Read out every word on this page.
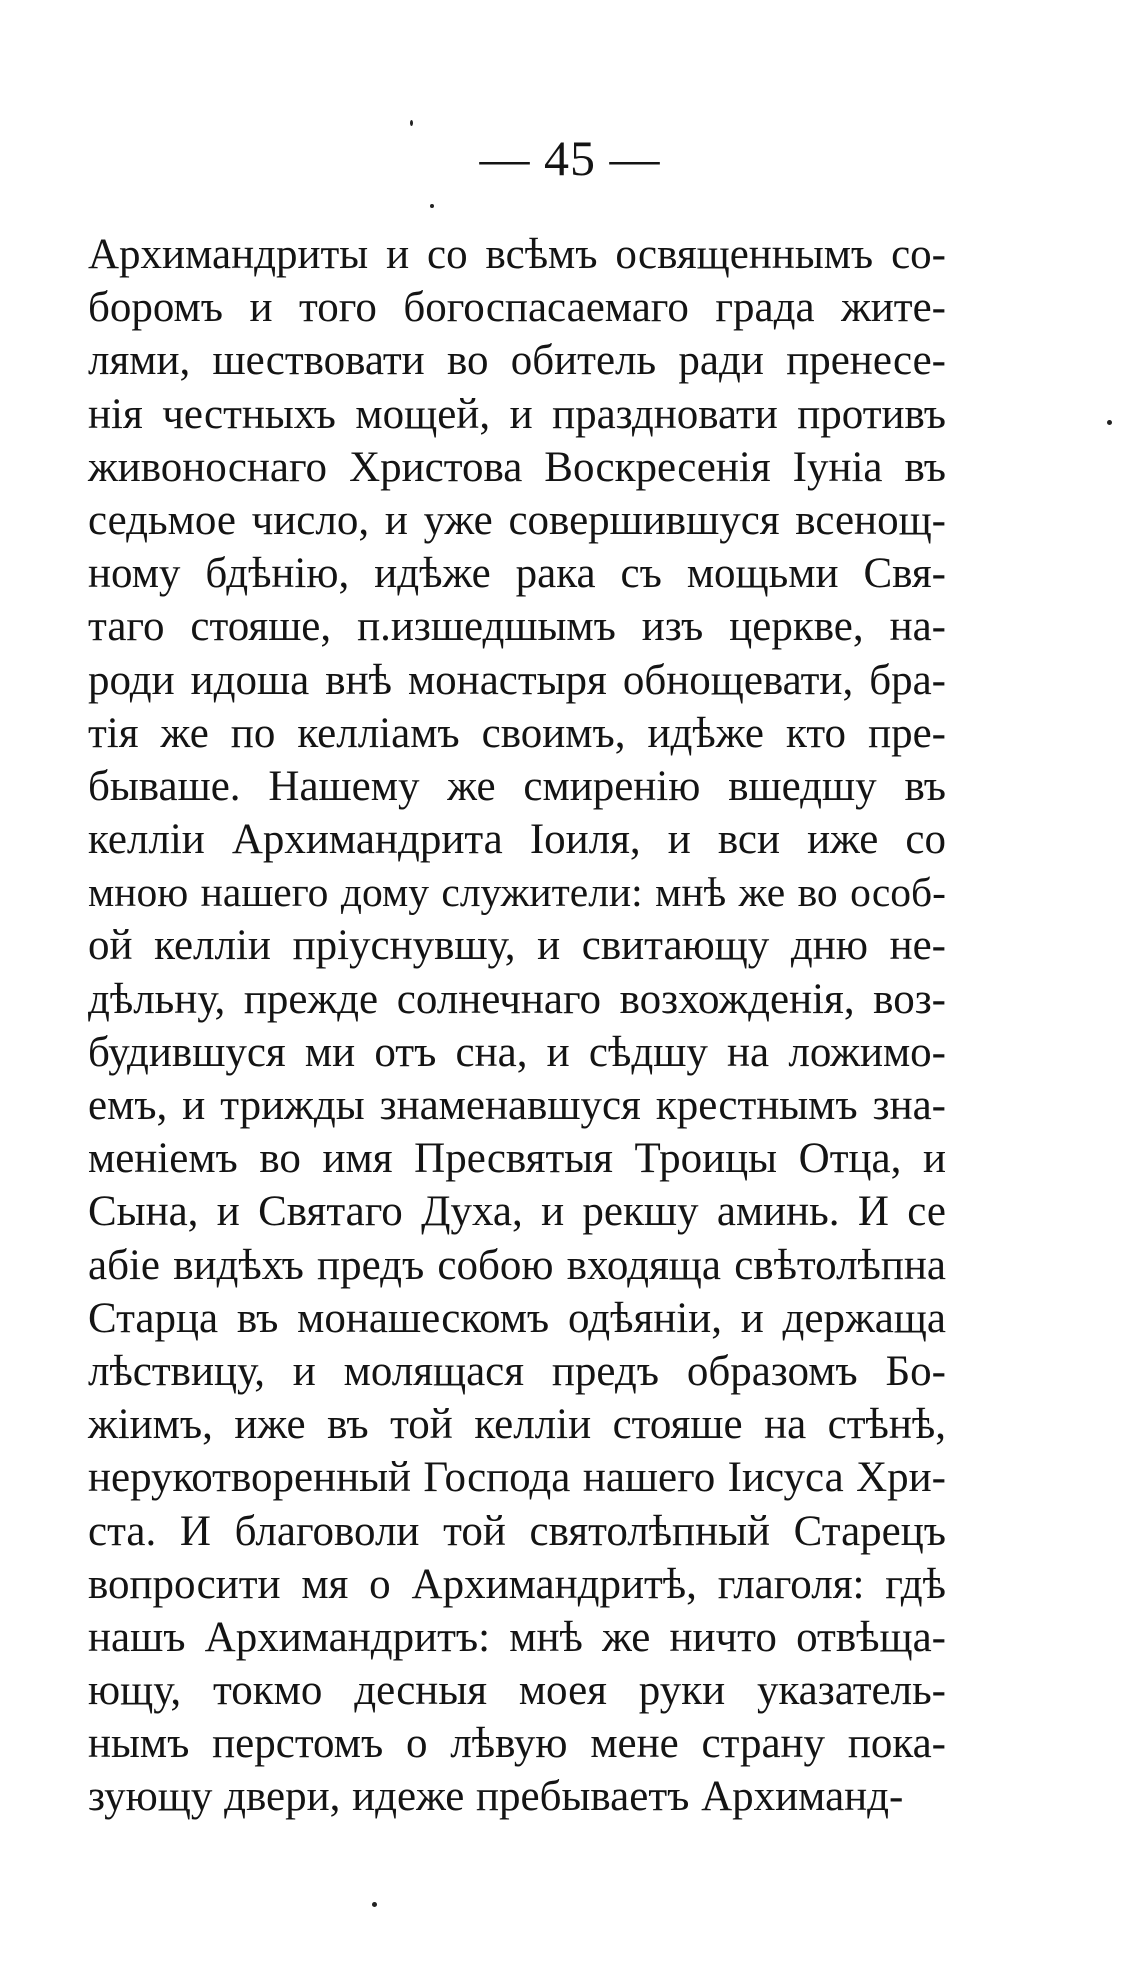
— 45 —
Архимандриты и со всѣмъ освященнымъ со-
боромъ и того богоспасаемаго града жите-
лями, шествовати во обитель ради пренесе-
нія честныхъ мощей, и праздновати противъ
живоноснаго Христова Воскресенія Іуніа въ
седьмое число, и уже совершившуся всенощ-
ному бдѣнію, идѣже рака съ мощьми Свя-
таго стояше, п.изшедшымъ изъ церкве, на-
роди идоша внѣ монастыря обнощевати, бра-
тія же по келліамъ своимъ, идѣже кто пре-
бываше. Нашему же смиренію вшедшу въ
келліи Архимандрита Іоиля, и вси иже со
мною нашего дому служители: мнѣ же во особ-
ой келліи пріуснувшу, и свитающу дню не-
дѣльну, прежде солнечнаго возхожденія, воз-
будившуся ми отъ сна, и сѣдшу на ложимо-
емъ, и трижды знаменавшуся крестнымъ зна-
меніемъ во имя Пресвятыя Троицы Отца, и
Сына, и Святаго Духа, и рекшу аминь. И се
абіе видѣхъ предъ собою входяща свѣтолѣпна
Старца въ монашескомъ одѣяніи, и держаща
лѣствицу, и молящася предъ образомъ Бо-
жіимъ, иже въ той келліи стояше на стѣнѣ,
нерукотворенный Господа нашего Іисуса Хри-
ста. И благоволи той святолѣпный Старецъ
вопросити мя о Архимандритѣ, глаголя: гдѣ
нашъ Архимандритъ: мнѣ же ничто отвѣща-
ющу, токмо десныя моея руки указатель-
нымъ перстомъ о лѣвую мене страну пока-
зующу двери, идеже пребываетъ Архиманд-
